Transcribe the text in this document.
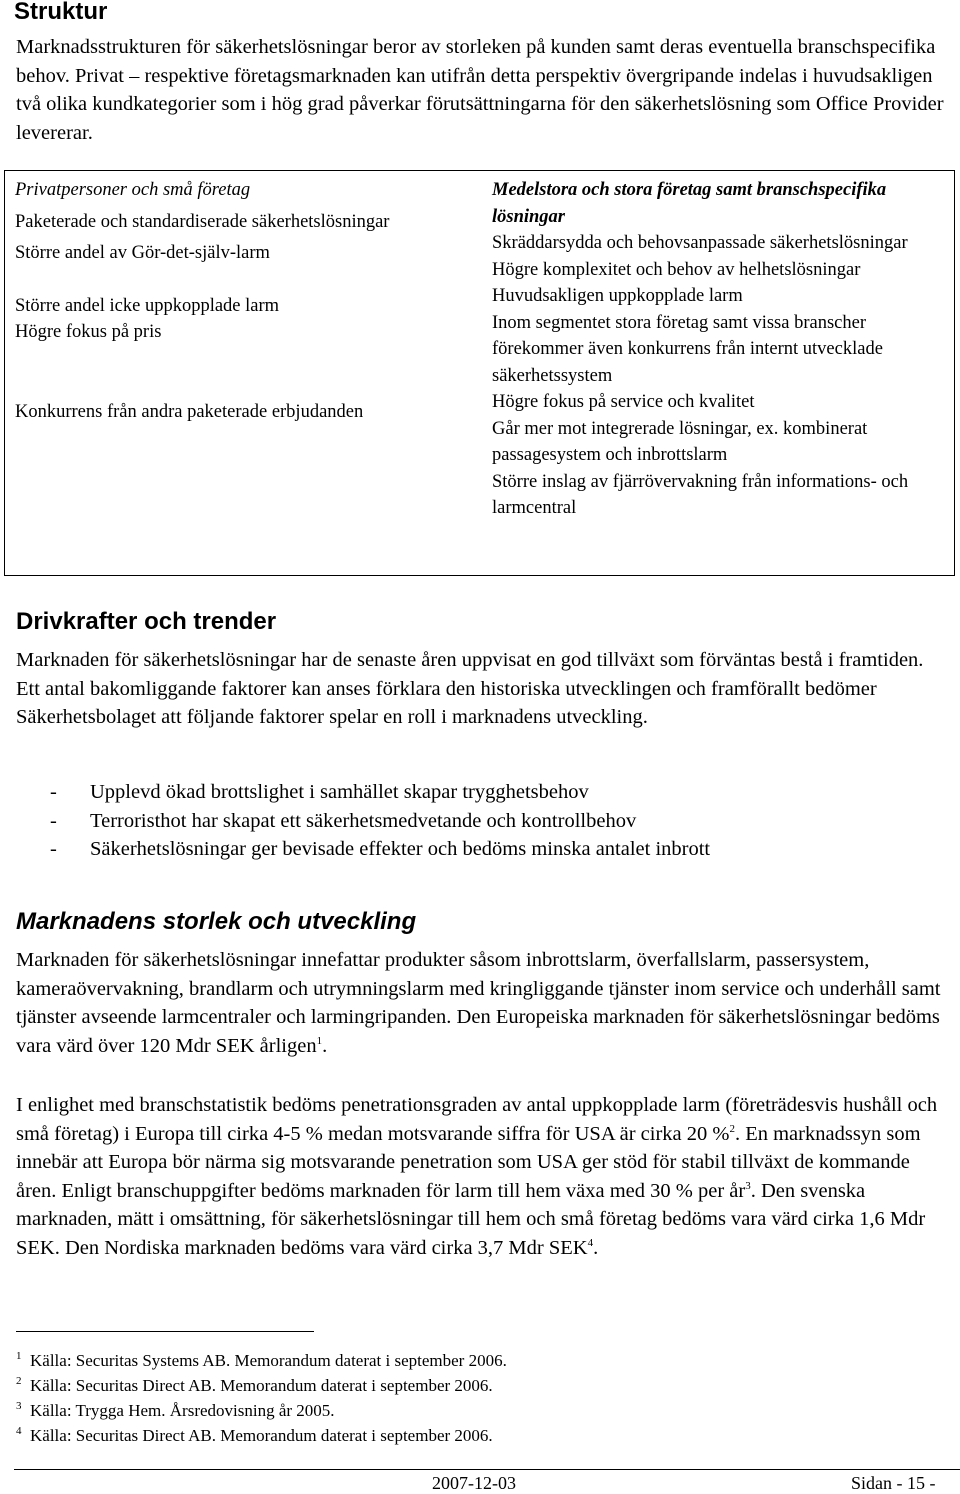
Struktur

Marknadsstrukturen för säkerhetslösningar beror av storleken på kunden samt deras eventuella branschspecifika behov. Privat – respektive företagsmarknaden kan utifrån detta perspektiv övergripande indelas i huvudsakligen två olika kundkategorier som i hög grad påverkar förutsättningarna för den säkerhetslösning som Office Provider levererar.

Privatpersoner och små företag

Paketerade och standardiserade säkerhetslösningar

Större andel av Gör-det-själv-larm

Större andel icke uppkopplade larm

Högre fokus på pris

Konkurrens från andra paketerade erbjudanden

Medelstora och stora företag samt branschspecifika lösningar

Skräddarsydda och behovsanpassade säkerhetslösningar

Högre komplexitet och behov av helhetslösningar

Huvudsakligen uppkopplade larm

Inom segmentet stora företag samt vissa branscher förekommer även konkurrens från internt utvecklade säkerhetssystem

Högre fokus på service och kvalitet

Går mer mot integrerade lösningar, ex. kombinerat passagesystem och inbrottslarm

Större inslag av fjärrövervakning från informations- och larmcentral

Drivkrafter och trender

Marknaden för säkerhetslösningar har de senaste åren uppvisat en god tillväxt som förväntas bestå i framtiden. Ett antal bakomliggande faktorer kan anses förklara den historiska utvecklingen och framförallt bedömer Säkerhetsbolaget att följande faktorer spelar en roll i marknadens utveckling.

- Upplevd ökad brottslighet i samhället skapar trygghetsbehov
- Terroristhot har skapat ett säkerhetsmedvetande och kontrollbehov
- Säkerhetslösningar ger bevisade effekter och bedöms minska antalet inbrott
Marknadens storlek och utveckling

Marknaden för säkerhetslösningar innefattar produkter såsom inbrottslarm, överfallslarm, passersystem, kameraövervakning, brandlarm och utrymningslarm med kringliggande tjänster inom service och underhåll samt tjänster avseende larmcentraler och larmingripanden. Den Europeiska marknaden för säkerhetslösningar bedöms vara värd över 120 Mdr SEK årligen$^1$.

I enlighet med branschstatistik bedöms penetrationsgraden av antal uppkopplade larm (företrädesvis hushåll och små företag) i Europa till cirka 4-5 % medan motsvarande siffra för USA är cirka 20 %$^2$. En marknadssyn som innebär att Europa bör närma sig motsvarande penetration som USA ger stöd för stabil tillväxt de kommande åren. Enligt branschuppgifter bedöms marknaden för larm till hem växa med 30 % per $år^3$. Den svenska marknaden, mätt i omsättning, för säkerhetslösningar till hem och små företag bedöms vara värd cirka 1,6 Mdr SEK. Den Nordiska marknaden bedöms vara värd cirka 3,7 Mdr SEK$^4$.

1 Källa: Securitas Systems AB. Memorandum daterat i september 2006.
2 Källa: Securitas Direct AB. Memorandum daterat i september 2006.
3 Källa: Trygga Hem. Årsredovisning år 2005.
4 Källa: Securitas Direct AB. Memorandum daterat i september 2006.
2007-12-03	Sidan - 15 -
